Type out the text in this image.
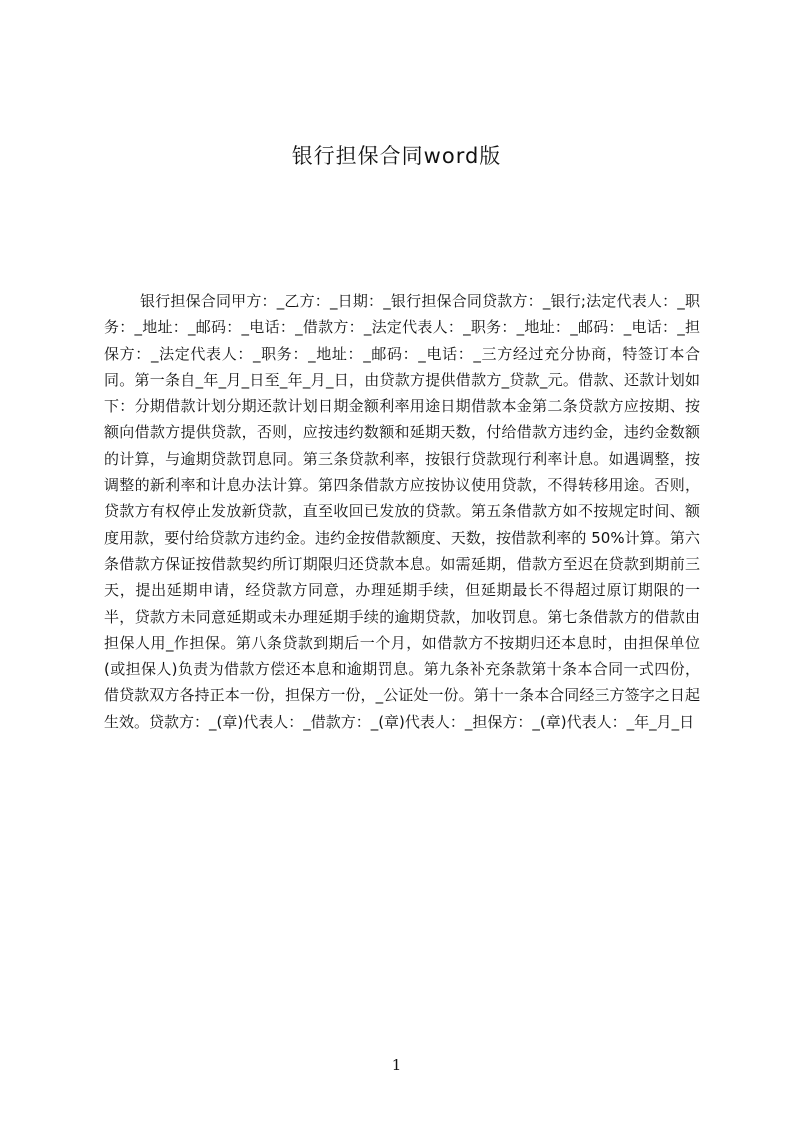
银行担保合同word版

银行担保合同甲方：_乙方：_日期：_银行担保合同贷款方：_银行;法定代表人：_职务：_地址：_邮码：_电话：_借款方：_法定代表人：_职务：_地址：_邮码：_电话：_担保方：_法定代表人：_职务：_地址：_邮码：_电话：_三方经过充分协商，特签订本合同。第一条自_年_月_日至_年_月_日，由贷款方提供借款方_贷款_元。借款、还款计划如下：分期借款计划分期还款计划日期金额利率用途日期借款本金第二条贷款方应按期、按额向借款方提供贷款，否则，应按违约数额和延期天数，付给借款方违约金，违约金数额的计算，与逾期贷款罚息同。第三条贷款利率，按银行贷款现行利率计息。如遇调整，按调整的新利率和计息办法计算。第四条借款方应按协议使用贷款，不得转移用途。否则，贷款方有权停止发放新贷款，直至收回已发放的贷款。第五条借款方如不按规定时间、额度用款，要付给贷款方违约金。违约金按借款额度、天数，按借款利率的 50%计算。第六条借款方保证按借款契约所订期限归还贷款本息。如需延期，借款方至迟在贷款到期前三天，提出延期申请，经贷款方同意，办理延期手续，但延期最长不得超过原订期限的一半，贷款方未同意延期或未办理延期手续的逾期贷款，加收罚息。第七条借款方的借款由担保人用_作担保。第八条贷款到期后一个月，如借款方不按期归还本息时，由担保单位(或担保人)负责为借款方偿还本息和逾期罚息。第九条补充条款第十条本合同一式四份，借贷款双方各持正本一份，担保方一份，_公证处一份。第十一条本合同经三方签字之日起生效。贷款方：_(章)代表人：_借款方：_(章)代表人：_担保方：_(章)代表人：_年_月_日

1
